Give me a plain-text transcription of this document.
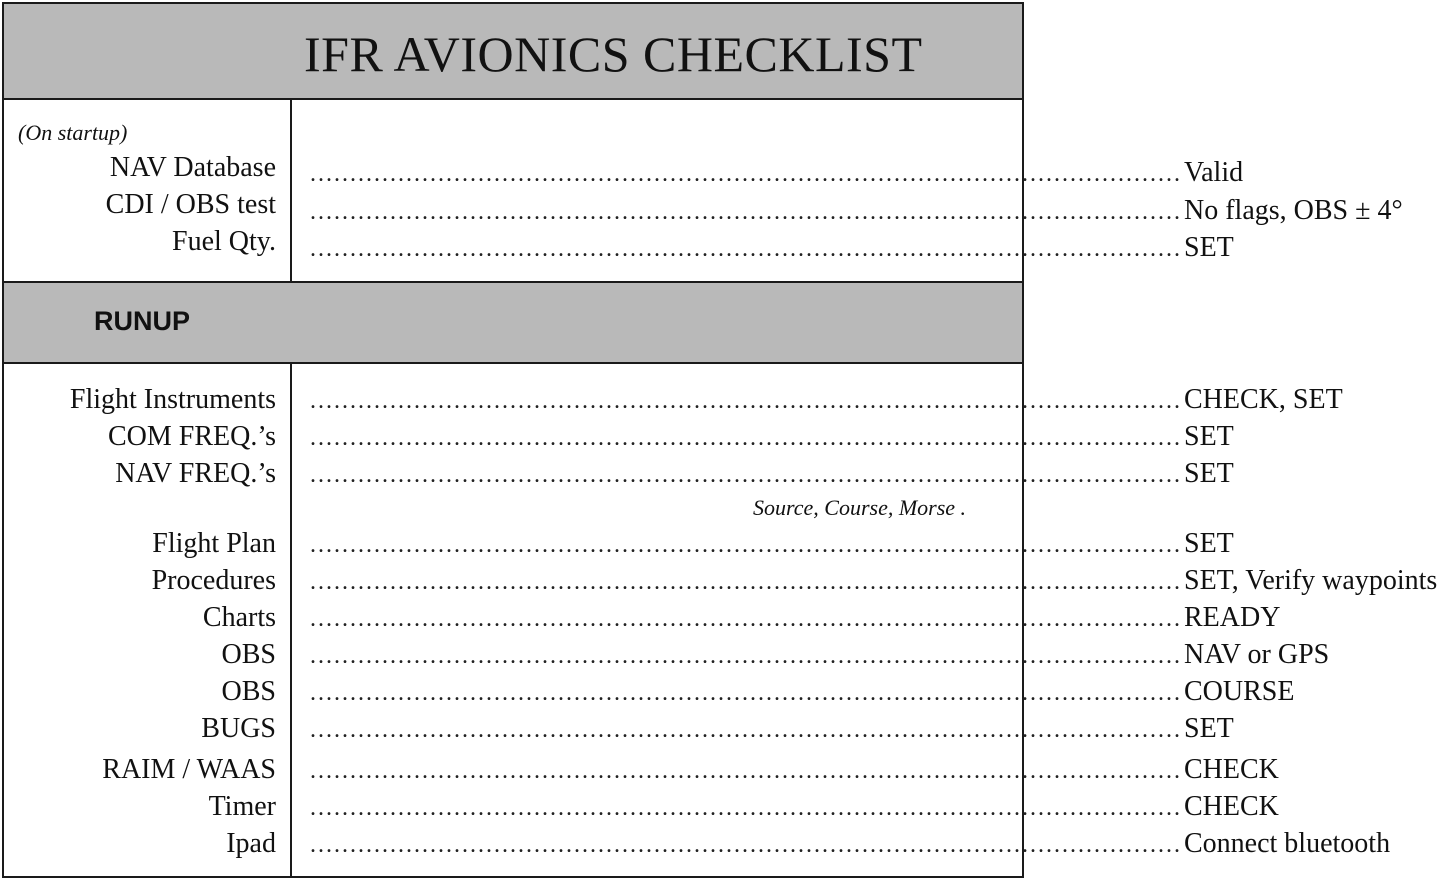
IFR AVIONICS CHECKLIST
(On startup)
NAV Database
CDI / OBS test
Fuel Qty.
............................................................................................................. Valid
............................................................................................................. No flags, OBS ± 4°
............................................................................................................. SET
RUNUP
Flight Instruments
COM FREQ.’s
NAV FREQ.’s
Flight Plan
Procedures
Charts
OBS
OBS
BUGS
RAIM / WAAS
Timer
Ipad
............................................................................................................. CHECK, SET
............................................................................................................. SET
............................................................................................................. SET
Source, Course, Morse .
............................................................................................................. SET
............................................................................................................. SET, Verify waypoints
............................................................................................................. READY
............................................................................................................. NAV or GPS
............................................................................................................. COURSE
............................................................................................................. SET
............................................................................................................. CHECK
............................................................................................................. CHECK
............................................................................................................. Connect bluetooth
